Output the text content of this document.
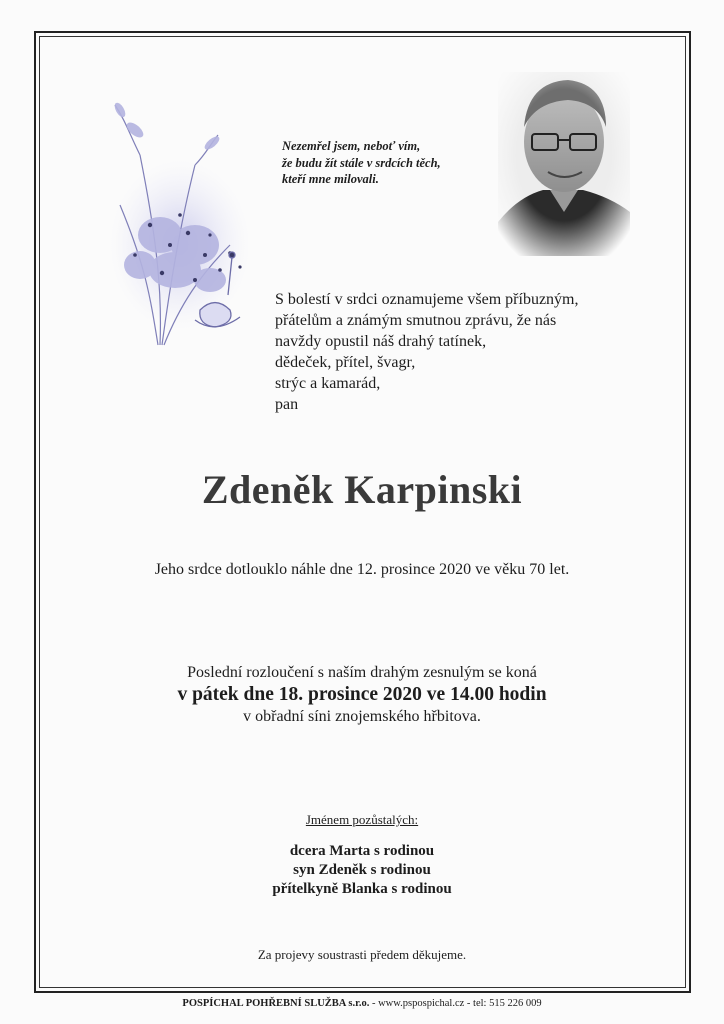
Nezemřel jsem, neboť vím,
že budu žít stále v srdcích těch,
kteří mne milovali.
S bolestí v srdci oznamujeme všem příbuzným,
přátelům a známým smutnou zprávu, že nás
navždy opustil náš drahý tatínek,
dědeček, přítel, švagr,
strýc a kamarád,
pan
Zdeněk Karpinski
Jeho srdce dotlouklo náhle dne 12. prosince 2020 ve věku 70 let.
Poslední rozloučení s naším drahým zesnulým se koná
v pátek dne 18. prosince 2020 ve 14.00 hodin
v obřadní síni znojemského hřbitova.
Jménem pozůstalých:
dcera Marta s rodinou
syn Zdeněk s rodinou
přítelkyně Blanka s rodinou
Za projevy soustrasti předem děkujeme.
POSPÍCHAL POHŘEBNÍ SLUŽBA s.r.o. - www.pspospichal.cz - tel: 515 226 009
